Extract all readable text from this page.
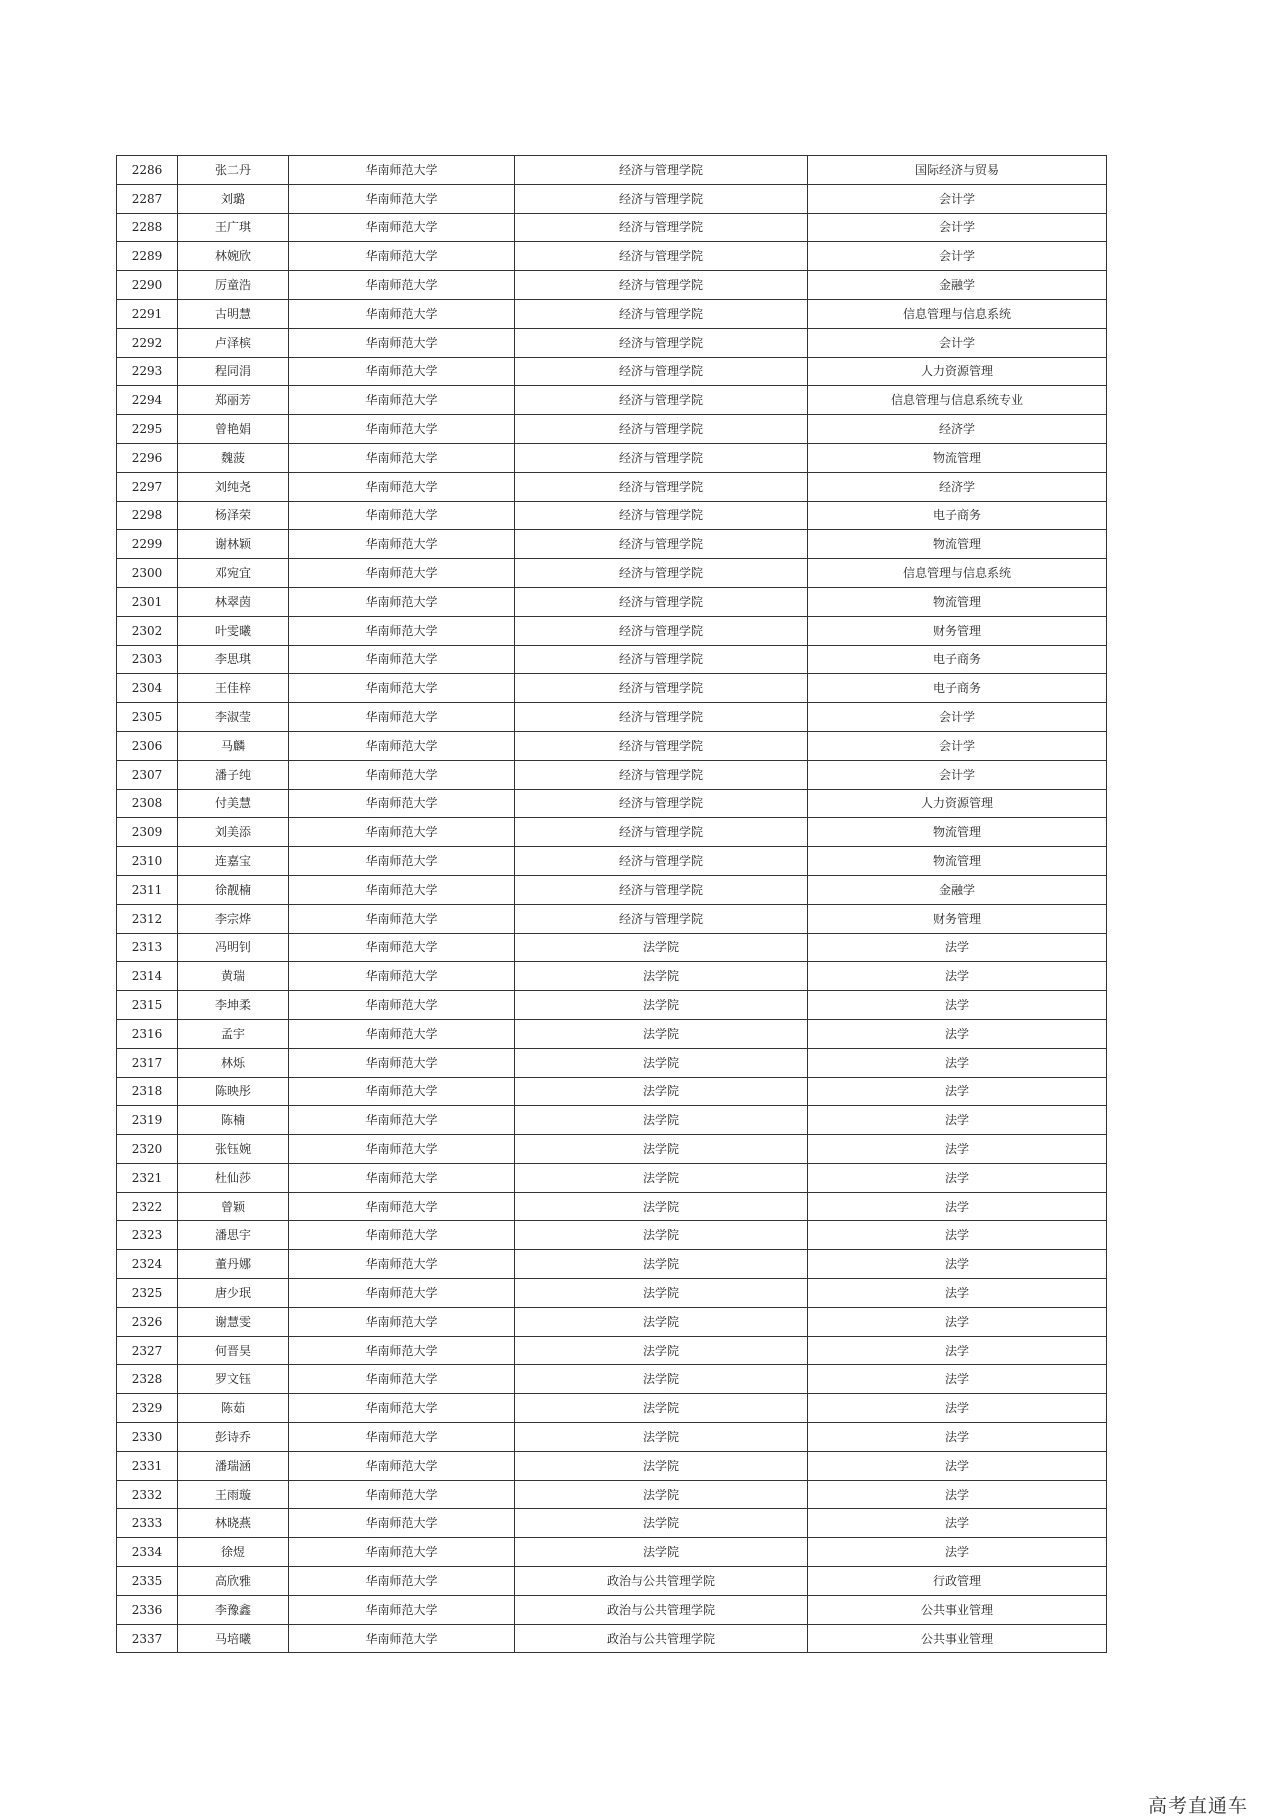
2286	张二丹	华南师范大学	经济与管理学院	国际经济与贸易
2287	刘璐	华南师范大学	经济与管理学院	会计学
2288	王广琪	华南师范大学	经济与管理学院	会计学
2289	林婉欣	华南师范大学	经济与管理学院	会计学
2290	厉童浩	华南师范大学	经济与管理学院	金融学
2291	古明慧	华南师范大学	经济与管理学院	信息管理与信息系统
2292	卢泽槟	华南师范大学	经济与管理学院	会计学
2293	程同涓	华南师范大学	经济与管理学院	人力资源管理
2294	郑丽芳	华南师范大学	经济与管理学院	信息管理与信息系统专业
2295	曾艳娟	华南师范大学	经济与管理学院	经济学
2296	魏菠	华南师范大学	经济与管理学院	物流管理
2297	刘纯尧	华南师范大学	经济与管理学院	经济学
2298	杨泽荣	华南师范大学	经济与管理学院	电子商务
2299	谢林颖	华南师范大学	经济与管理学院	物流管理
2300	邓宛宜	华南师范大学	经济与管理学院	信息管理与信息系统
2301	林翠茵	华南师范大学	经济与管理学院	物流管理
2302	叶雯曦	华南师范大学	经济与管理学院	财务管理
2303	李思琪	华南师范大学	经济与管理学院	电子商务
2304	王佳梓	华南师范大学	经济与管理学院	电子商务
2305	李淑莹	华南师范大学	经济与管理学院	会计学
2306	马麟	华南师范大学	经济与管理学院	会计学
2307	潘子纯	华南师范大学	经济与管理学院	会计学
2308	付美慧	华南师范大学	经济与管理学院	人力资源管理
2309	刘美添	华南师范大学	经济与管理学院	物流管理
2310	连嘉宝	华南师范大学	经济与管理学院	物流管理
2311	徐靓楠	华南师范大学	经济与管理学院	金融学
2312	李宗烨	华南师范大学	经济与管理学院	财务管理
2313	冯明钊	华南师范大学	法学院	法学
2314	黄瑞	华南师范大学	法学院	法学
2315	李坤柔	华南师范大学	法学院	法学
2316	孟宇	华南师范大学	法学院	法学
2317	林烁	华南师范大学	法学院	法学
2318	陈映彤	华南师范大学	法学院	法学
2319	陈楠	华南师范大学	法学院	法学
2320	张钰婉	华南师范大学	法学院	法学
2321	杜仙莎	华南师范大学	法学院	法学
2322	曾颖	华南师范大学	法学院	法学
2323	潘思宇	华南师范大学	法学院	法学
2324	董丹娜	华南师范大学	法学院	法学
2325	唐少珉	华南师范大学	法学院	法学
2326	谢慧雯	华南师范大学	法学院	法学
2327	何晋昊	华南师范大学	法学院	法学
2328	罗文钰	华南师范大学	法学院	法学
2329	陈茹	华南师范大学	法学院	法学
2330	彭诗乔	华南师范大学	法学院	法学
2331	潘瑞涵	华南师范大学	法学院	法学
2332	王雨璇	华南师范大学	法学院	法学
2333	林晓燕	华南师范大学	法学院	法学
2334	徐煜	华南师范大学	法学院	法学
2335	高欣雅	华南师范大学	政治与公共管理学院	行政管理
2336	李豫鑫	华南师范大学	政治与公共管理学院	公共事业管理
2337	马培曦	华南师范大学	政治与公共管理学院	公共事业管理
高考直通车
